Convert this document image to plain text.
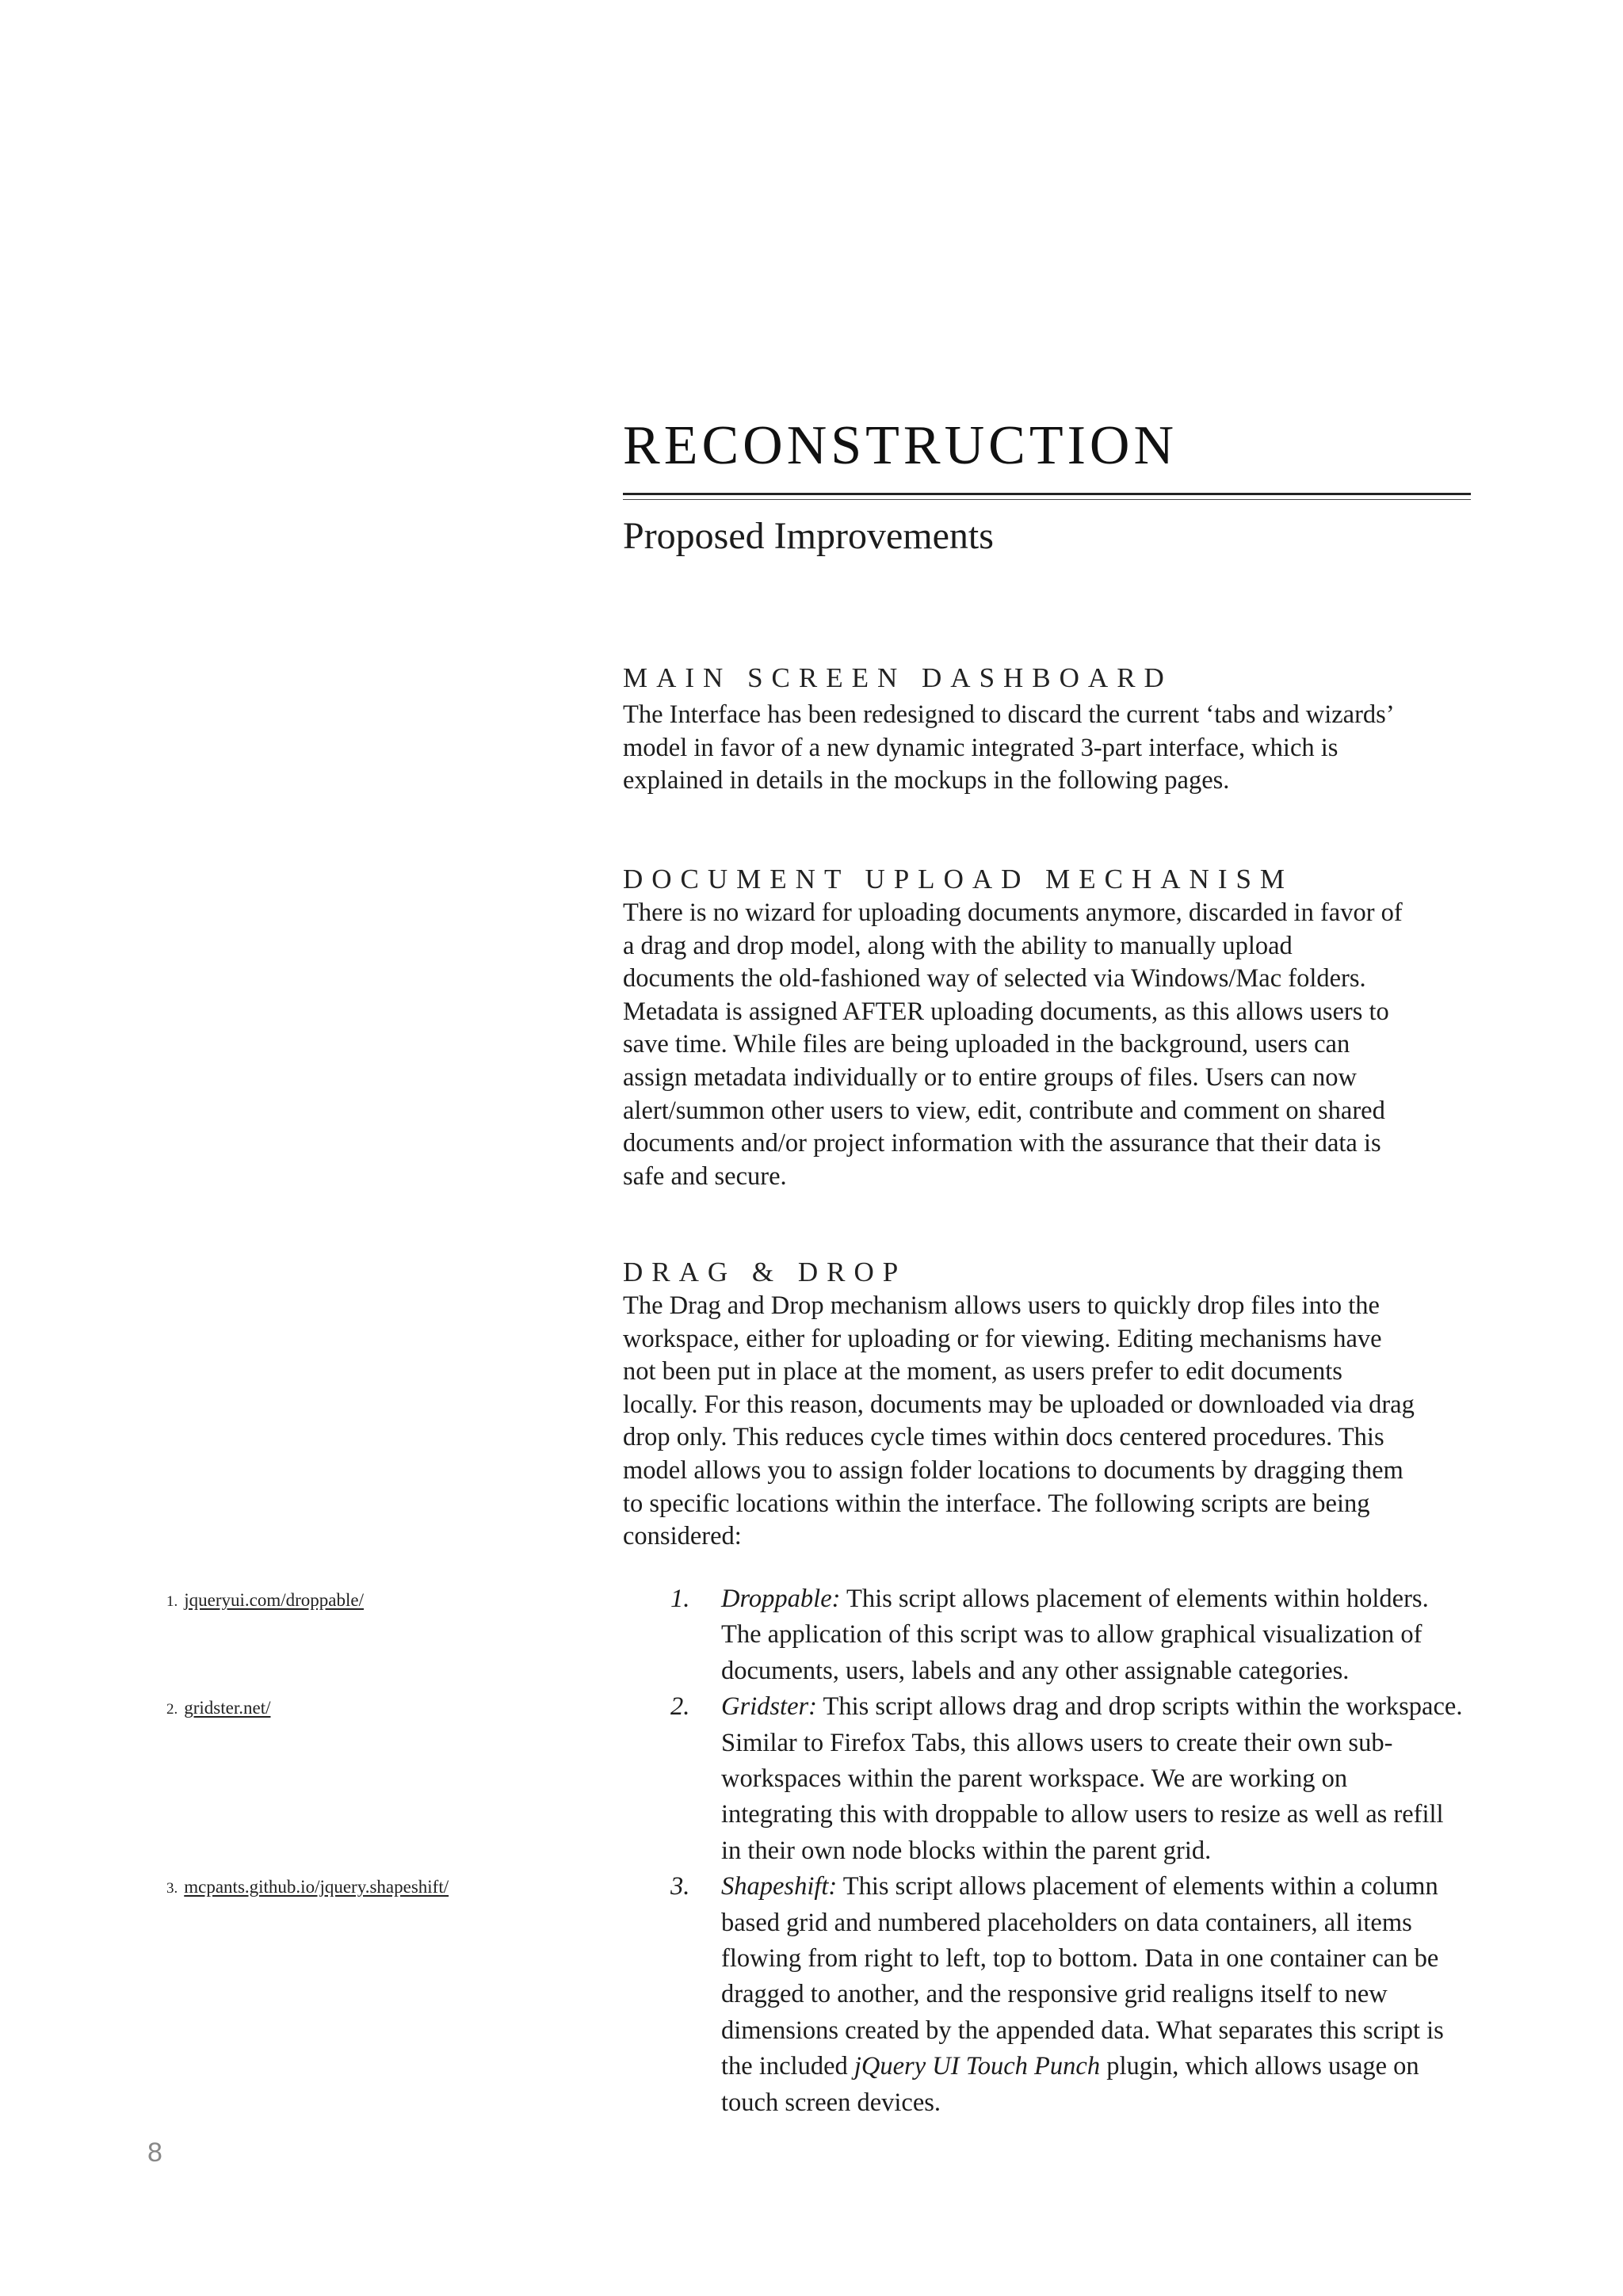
RECONSTRUCTION
Proposed Improvements
MAIN SCREEN DASHBOARD
The Interface has been redesigned to discard the current ‘tabs and wizards’
model in favor of a new dynamic integrated 3-part interface, which is
explained in details in the mockups in the following pages.
DOCUMENT UPLOAD MECHANISM
There is no wizard for uploading documents anymore, discarded in favor of
a drag and drop model, along with the ability to manually upload
documents the old-fashioned way of selected via Windows/Mac folders.
Metadata is assigned AFTER uploading documents, as this allows users to
save time. While files are being uploaded in the background, users can
assign metadata individually or to entire groups of files. Users can now
alert/summon other users to view, edit, contribute and comment on shared
documents and/or project information with the assurance that their data is
safe and secure.
DRAG & DROP
The Drag and Drop mechanism allows users to quickly drop files into the
workspace, either for uploading or for viewing. Editing mechanisms have
not been put in place at the moment, as users prefer to edit documents
locally. For this reason, documents may be uploaded or downloaded via drag
drop only. This reduces cycle times within docs centered procedures. This
model allows you to assign folder locations to documents by dragging them
to specific locations within the interface. The following scripts are being
considered:
1. Droppable: This script allows placement of elements within holders.
The application of this script was to allow graphical visualization of
documents, users, labels and any other assignable categories.
2. Gridster: This script allows drag and drop scripts within the workspace.
Similar to Firefox Tabs, this allows users to create their own sub-
workspaces within the parent workspace. We are working on
integrating this with droppable to allow users to resize as well as refill
in their own node blocks within the parent grid.
3. Shapeshift: This script allows placement of elements within a column
based grid and numbered placeholders on data containers, all items
flowing from right to left, top to bottom. Data in one container can be
dragged to another, and the responsive grid realigns itself to new
dimensions created by the appended data. What separates this script is
the included jQuery UI Touch Punch plugin, which allows usage on
touch screen devices.
1. jqueryui.com/droppable/
2. gridster.net/
3. mcpants.github.io/jquery.shapeshift/
8
